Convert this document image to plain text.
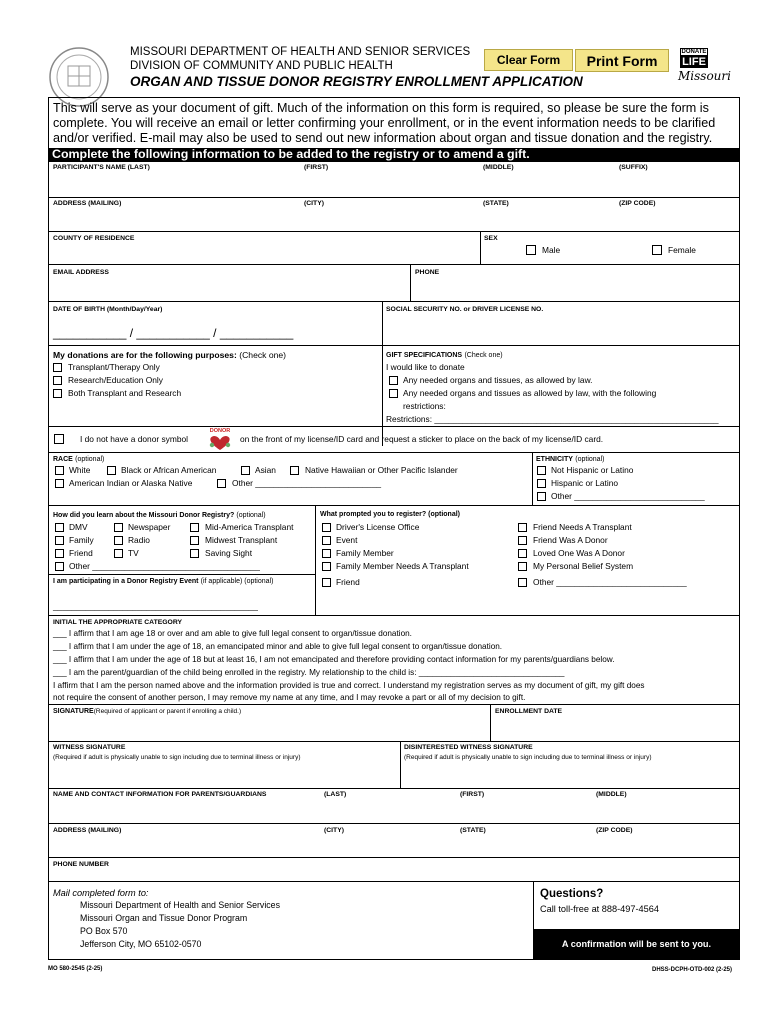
MISSOURI DEPARTMENT OF HEALTH AND SENIOR SERVICES
DIVISION OF COMMUNITY AND PUBLIC HEALTH
ORGAN AND TISSUE DONOR REGISTRY ENROLLMENT APPLICATION
Clear Form	Print Form
DONATE
LIFE
Missouri
This will serve as your document of gift. Much of the information on this form is required, so please be sure the form is
complete. You will receive an email or letter confirming your enrollment, or in the event information needs to be clarified
and/or verified. E-mail may also be used to send out new information about organ and tissue donation and the registry.
Complete the following information to be added to the registry or to amend a gift.
PARTICIPANT'S NAME (LAST)	(FIRST)	(MIDDLE)	(SUFFIX)
ADDRESS (MAILING)	(CITY)	(STATE)	(ZIP CODE)
COUNTY OF RESIDENCE	SEX
Male	Female
EMAIL ADDRESS	PHONE
DATE OF BIRTH (Month/Day/Year)	SOCIAL SECURITY NO. or DRIVER LICENSE NO.
___________ / ___________ / ___________
My donations are for the following purposes: (Check one)
Transplant/Therapy Only
Research/Education Only
Both Transplant and Research
GIFT SPECIFICATIONS (Check one)
I would like to donate
Any needed organs and tissues, as allowed by law.
Any needed organs and tissues as allowed by law, with the following
restrictions:
Restrictions: _____________________________________________________________
I do not have a donor symbol
DONOR
on the front of my license/ID card and request a sticker to place on the back of my license/ID card.
RACE (optional)
White	Black or African American	Asian	Native Hawaiian or Other Pacific Islander
American Indian or Alaska Native	Other ___________________________
ETHNICITY (optional)
Not Hispanic or Latino
Hispanic or Latino
Other ____________________________
How did you learn about the Missouri Donor Registry? (optional)
DMV
Family
Friend
Other ____________________________________
Newspaper
Radio
TV
Mid-America Transplant
Midwest Transplant
Saving Sight
I am participating in a Donor Registry Event (if applicable) (optional)
____________________________________________
What prompted you to register? (optional)
Driver's License Office
Event
Family Member
Family Member Needs A Transplant
Friend
Friend Needs A Transplant
Friend Was A Donor
Loved One Was A Donor
My Personal Belief System
Other ____________________________
INITIAL THE APPROPRIATE CATEGORY
___ I affirm that I am age 18 or over and am able to give full legal consent to organ/tissue donation.
___ I affirm that I am under the age of 18, an emancipated minor and able to give full legal consent to organ/tissue donation.
___ I affirm that I am under the age of 18 but at least 16, I am not emancipated and therefore providing contact information for my parents/guardians below.
___ I am the parent/guardian of the child being enrolled in the registry. My relationship to the child is: ________________________________
I affirm that I am the person named above and the information provided is true and correct. I understand my registration serves as my document of gift, my gift does
not require the consent of another person, I may remove my name at any time, and I may revoke a part or all of my decision to gift.
SIGNATURE(Required of applicant or parent if enrolling a child.)	ENROLLMENT DATE
WITNESS SIGNATURE
(Required if adult is physically unable to sign including due to terminal illness or injury)
DISINTERESTED WITNESS SIGNATURE
(Required if adult is physically unable to sign including due to terminal illness or injury)
NAME AND CONTACT INFORMATION FOR PARENTS/GUARDIANS	(LAST)	(FIRST)	(MIDDLE)
ADDRESS (MAILING)	(CITY)	(STATE)	(ZIP CODE)
PHONE NUMBER
Mail completed form to:
Missouri Department of Health and Senior Services
Missouri Organ and Tissue Donor Program
PO Box 570
Jefferson City, MO 65102-0570
Questions?
Call toll-free at 888-497-4564
A confirmation will be sent to you.
MO 580-2545 (2-25)	DHSS-DCPH-OTD-002 (2-25)
